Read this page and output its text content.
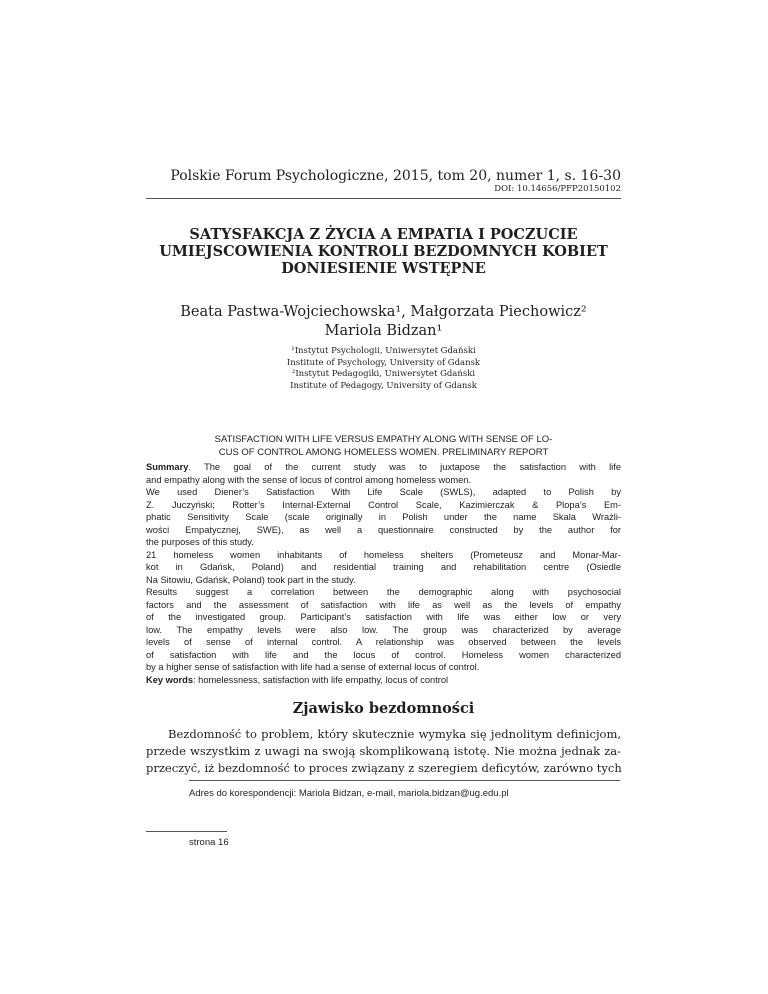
Polskie Forum Psychologiczne, 2015, tom 20, numer 1, s. 16-30
DOI: 10.14656/PFP20150102
SATYSFAKCJA Z ŻYCIA A EMPATIA I POCZUCIE
UMIEJSCOWIENIA KONTROLI BEZDOMNYCH KOBIET
DONIESIENIE WSTĘPNE
Beata Pastwa-Wojciechowska¹, Małgorzata Piechowicz²
Mariola Bidzan¹
¹Instytut Psychologii, Uniwersytet Gdański
Institute of Psychology, University of Gdansk
²Instytut Pedagogiki, Uniwersytet Gdański
Institute of Pedagogy, University of Gdansk
SATISFACTION WITH LIFE VERSUS EMPATHY ALONG WITH SENSE OF LO-
CUS OF CONTROL AMONG HOMELESS WOMEN. PRELIMINARY REPORT
Summary. The goal of the current study was to juxtapose the satisfaction with life
and empathy along with the sense of locus of control among homeless women.
We used Diener’s Satisfaction With Life Scale (SWLS), adapted to Polish by
Z. Juczyński; Rotter’s Internal-External Control Scale, Kazimierczak & Plopa’s Em-
phatic Sensitivity Scale (scale originally in Polish under the name Skala Wrażli-
wości Empatycznej, SWE), as well a questionnaire constructed by the author for
the purposes of this study.
21 homeless women inhabitants of homeless shelters (Prometeusz and Monar-Mar-
kot in Gdańsk, Poland) and residential training and rehabilitation centre (Osiedle
Na Sitowiu, Gdańsk, Poland) took part in the study.
Results suggest a correlation between the demographic along with psychosocial
factors and the assessment of satisfaction with life as well as the levels of empathy
of the investigated group. Participant’s satisfaction with life was either low or very
low. The empathy levels were also low. The group was characterized by average
levels of sense of internal control. A relationship was observed between the levels
of satisfaction with life and the locus of control. Homeless women characterized
by a higher sense of satisfaction with life had a sense of external locus of control.
Key words: homelessness, satisfaction with life empathy, locus of control
Zjawisko bezdomności
Bezdomność to problem, który skutecznie wymyka się jednolitym definicjom,
przede wszystkim z uwagi na swoją skomplikowaną istotę. Nie można jednak za-
przeczyć, iż bezdomność to proces związany z szeregiem deficytów, zarówno tych
Adres do korespondencji: Mariola Bidzan, e-mail, mariola.bidzan@ug.edu.pl
strona 16
